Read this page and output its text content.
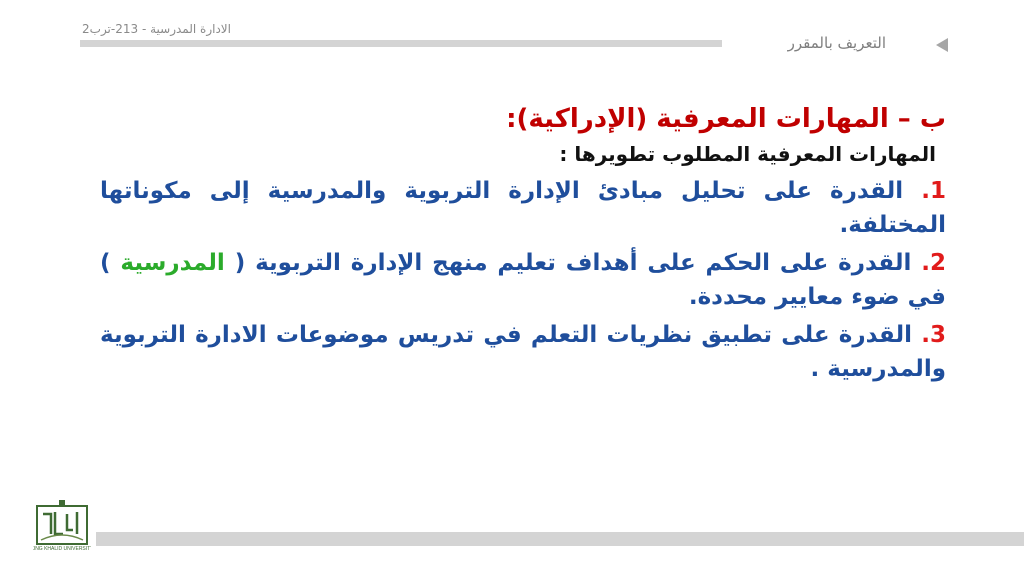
الادارة المدرسية - 213-ترب2
التعريف بالمقرر

ب – المهارات المعرفية (الإدراكية):

المهارات المعرفية المطلوب تطويرها :

1. القدرة على تحليل مبادئ الإدارة التربوية والمدرسية إلى مكوناتها المختلفة.

2. القدرة على الحكم على أهداف تعليم منهج الإدارة التربوية ( المدرسية ) في ضوء معايير محددة.

3. القدرة على تطبيق نظريات التعلم في تدريس موضوعات الادارة التربوية والمدرسية .

KING KHALID UNIVERSITY
